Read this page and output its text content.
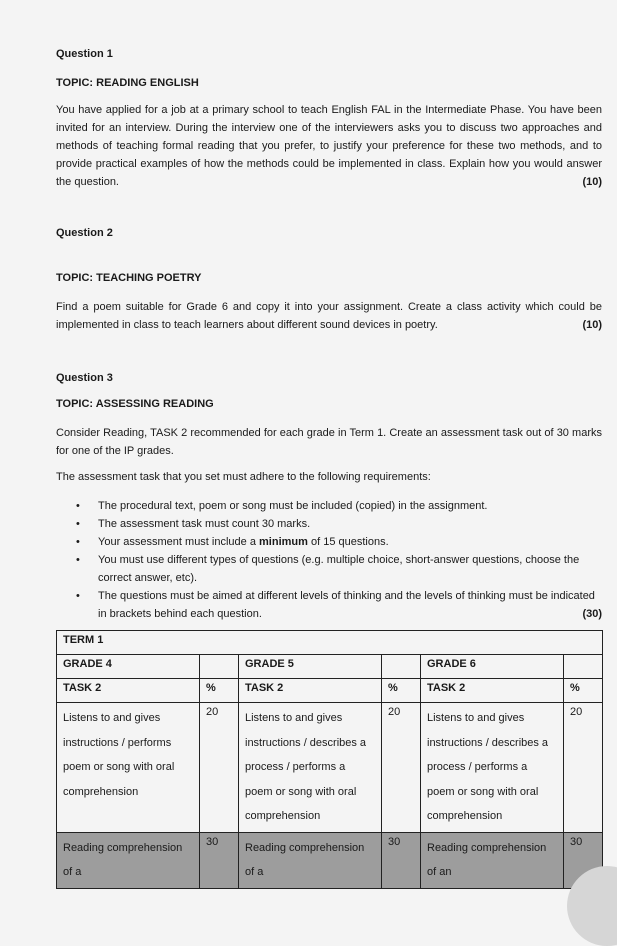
Question 1
TOPIC: READING ENGLISH
You have applied for a job at a primary school to teach English FAL in the Intermediate Phase. You have been invited for an interview. During the interview one of the interviewers asks you to discuss two approaches and methods of teaching formal reading that you prefer, to justify your preference for these two methods, and to provide practical examples of how the methods could be implemented in class. Explain how you would answer the question.	(10)
Question 2
TOPIC: TEACHING POETRY
Find a poem suitable for Grade 6 and copy it into your assignment. Create a class activity which could be implemented in class to teach learners about different sound devices in poetry.	(10)
Question 3
TOPIC: ASSESSING READING
Consider Reading, TASK 2 recommended for each grade in Term 1. Create an assessment task out of 30 marks for one of the IP grades.
The assessment task that you set must adhere to the following requirements:
• The procedural text, poem or song must be included (copied) in the assignment.
• The assessment task must count 30 marks.
• Your assessment must include a minimum of 15 questions.
• You must use different types of questions (e.g. multiple choice, short-answer questions, choose the correct answer, etc).
• The questions must be aimed at different levels of thinking and the levels of thinking must be indicated in brackets behind each question.	(30)
TERM 1					
GRADE 4		GRADE 5		GRADE 6	
TASK 2	%	TASK 2	%	TASK 2	%
Listens to and gives instructions / performs poem or song with oral comprehension	20	Listens to and gives instructions / describes a process / performs a poem or song with oral comprehension	20	Listens to and gives instructions / describes a process / performs a poem or song with oral comprehension	20
Reading comprehension of a	30	Reading comprehension of a	30	Reading comprehension of an	30
